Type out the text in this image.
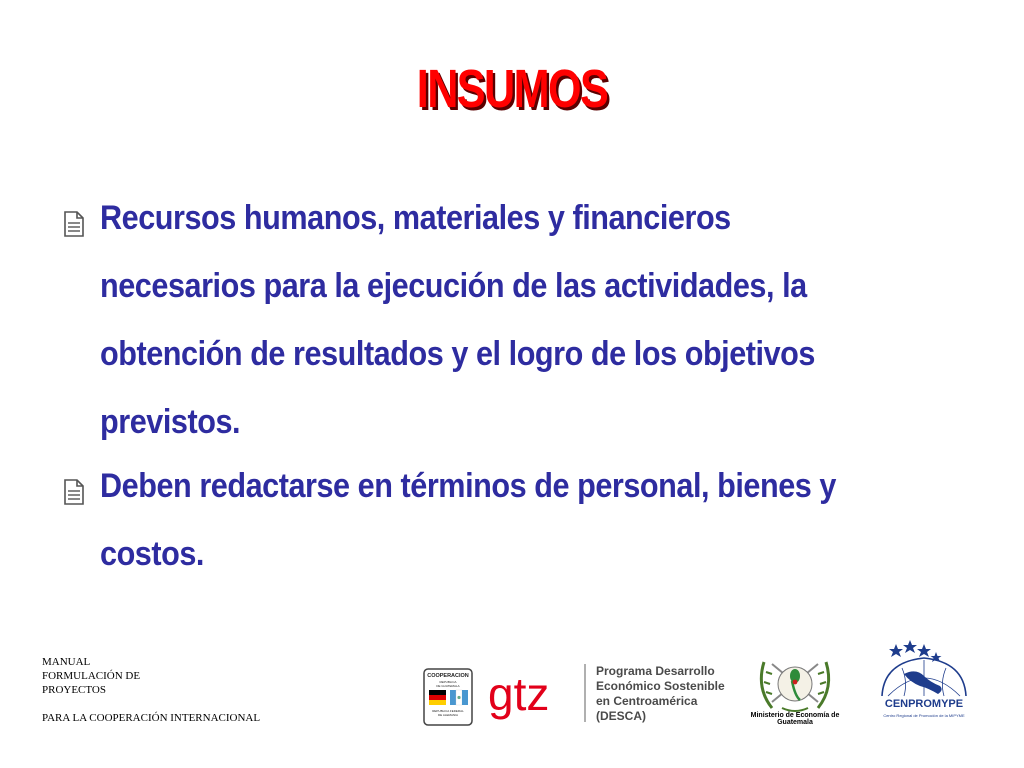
INSUMOS
Recursos humanos, materiales y financieros necesarios para la ejecución de las actividades, la obtención de resultados y el logro de los objetivos previstos.
Deben redactarse en términos de personal, bienes y costos.
MANUAL
FORMULACIÓN DE
PROYECTOS
PARA LA COOPERACIÓN INTERNACIONAL
COOPERACION
REPUBLICA
DE GUATEMALA
REPUBLICA FEDERAL
DE ALEMANIA gtz	Programa Desarrollo
Económico Sostenible
en Centroamérica
(DESCA)	Ministerio de Economía de Guatemala
CENPROMYPE
Centro Regional de Promoción de la MIPYME
